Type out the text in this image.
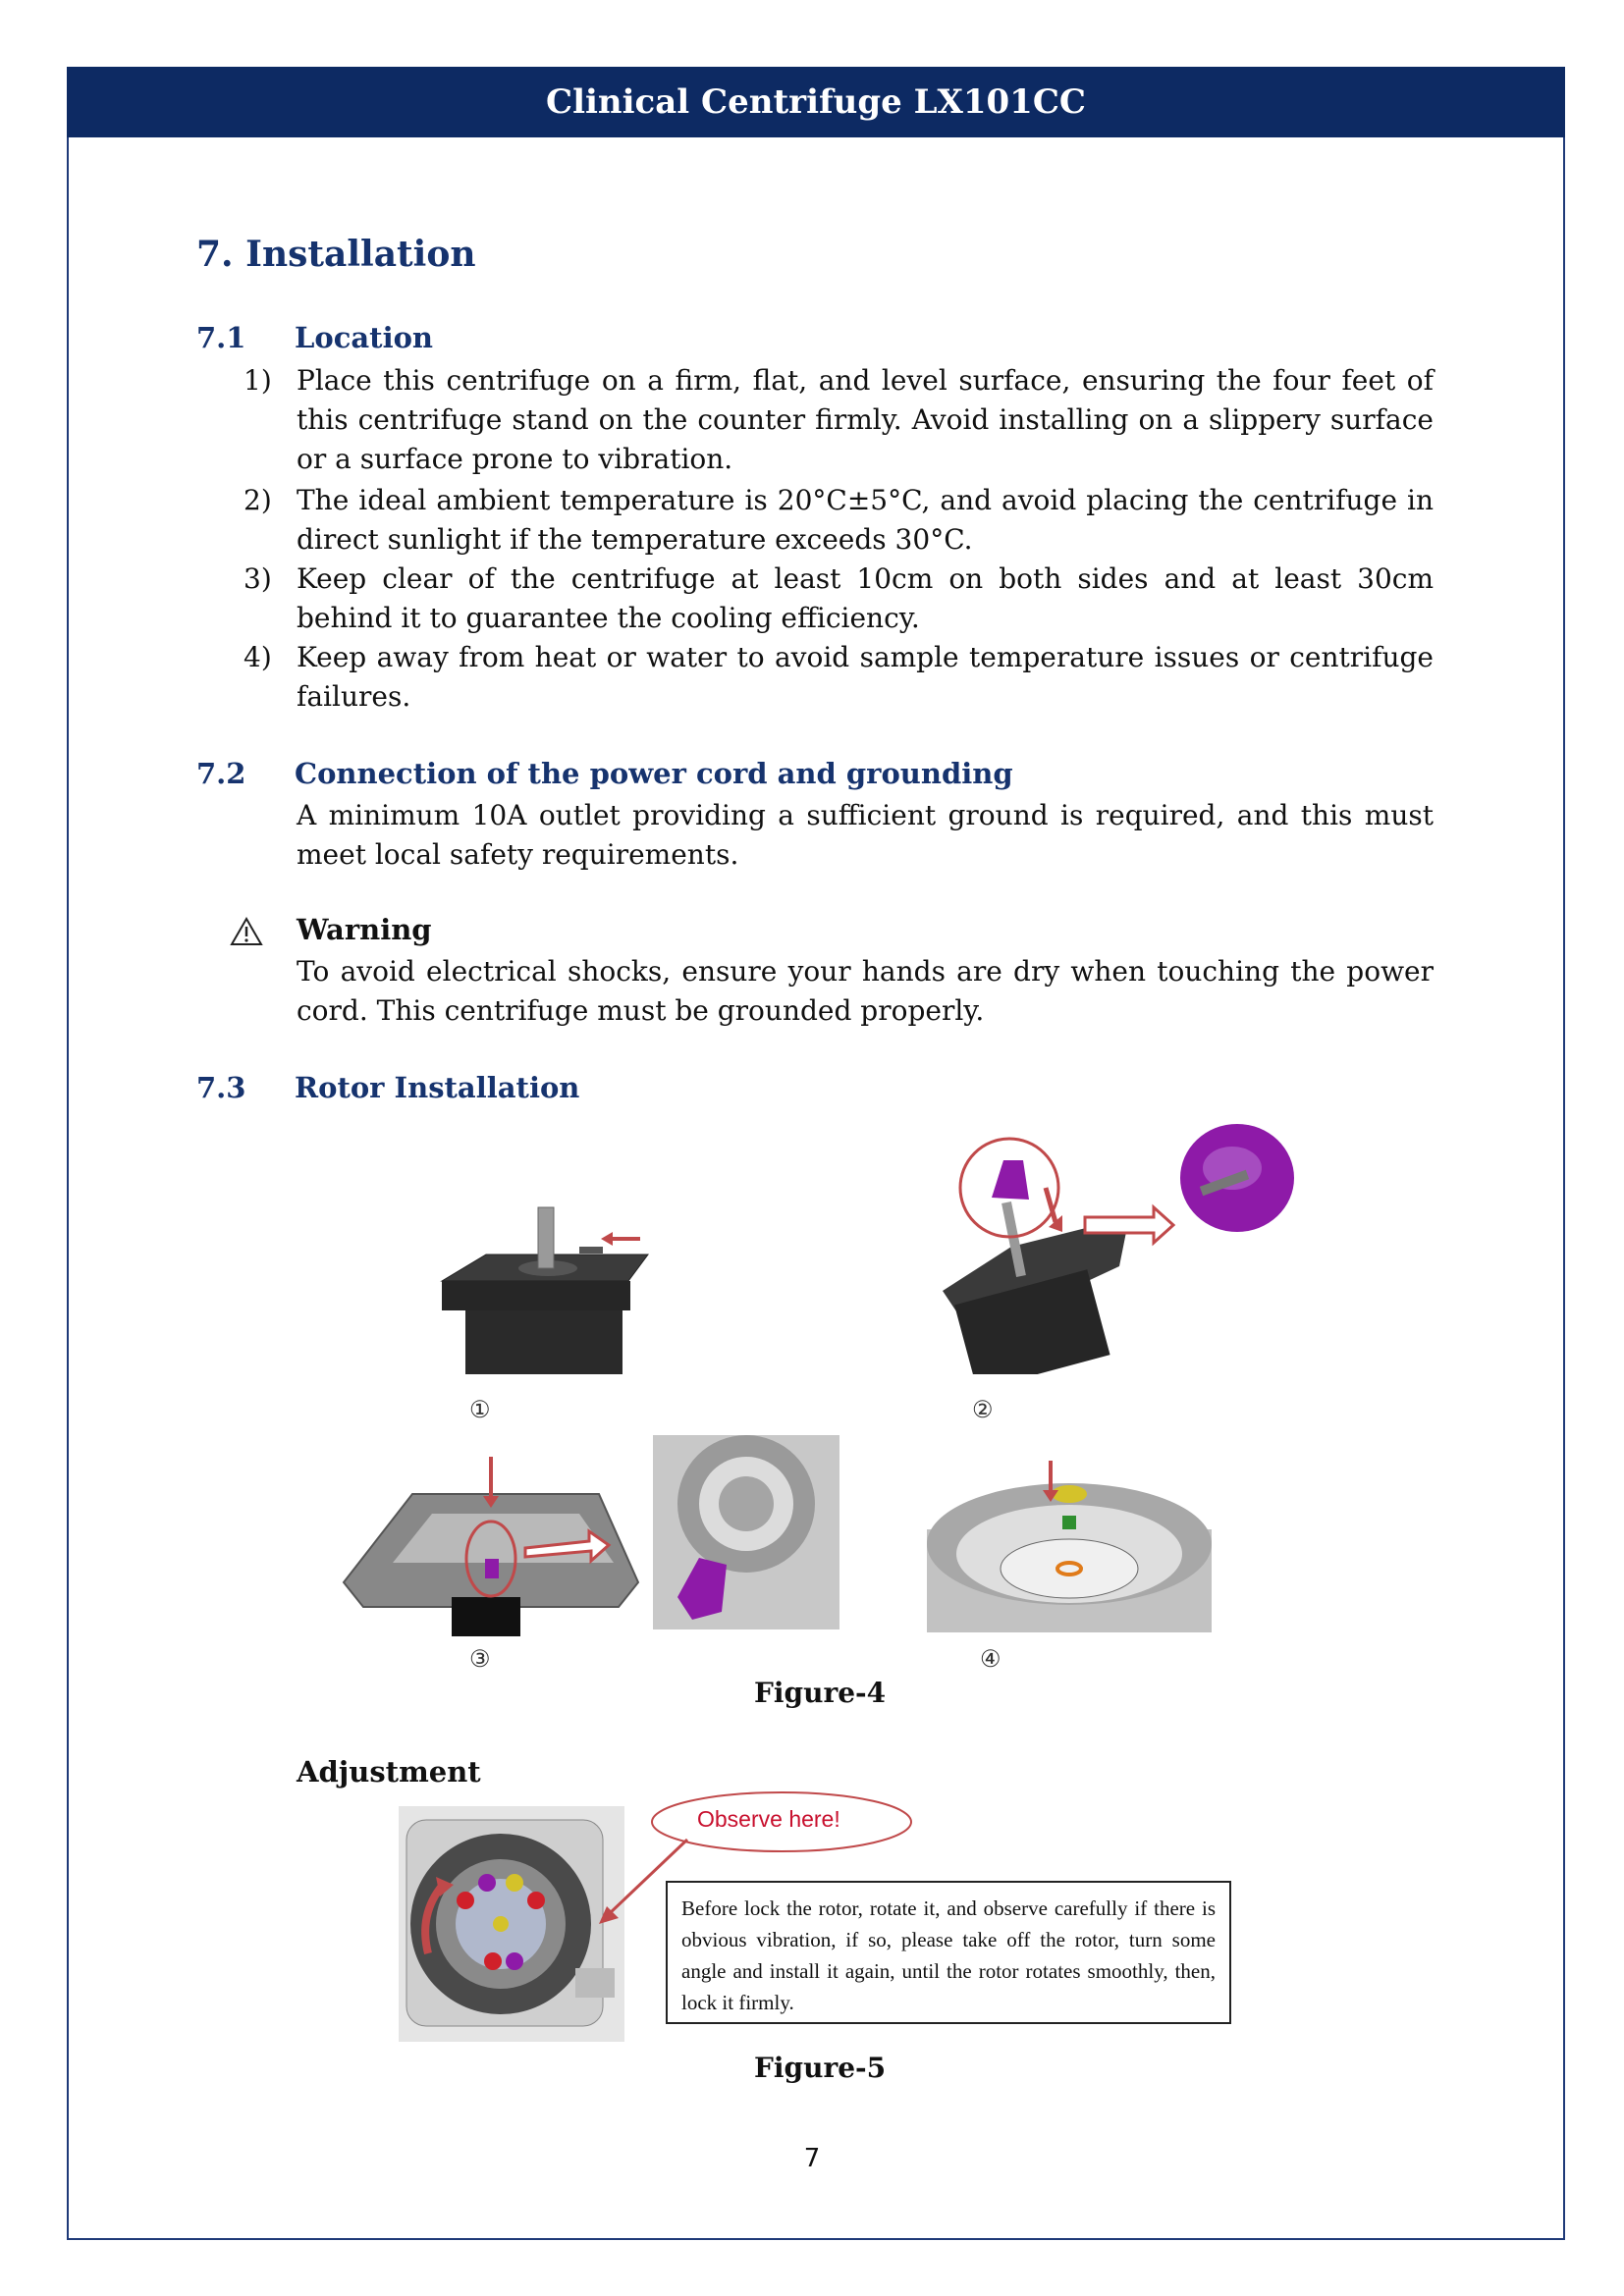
Clinical Centrifuge LX101CC
7. Installation
7.1 Location
1) Place this centrifuge on a firm, flat, and level surface, ensuring the four feet of this centrifuge stand on the counter firmly. Avoid installing on a slippery surface or a surface prone to vibration.
2) The ideal ambient temperature is 20°C±5°C, and avoid placing the centrifuge in direct sunlight if the temperature exceeds 30°C.
3) Keep clear of the centrifuge at least 10cm on both sides and at least 30cm behind it to guarantee the cooling efficiency.
4) Keep away from heat or water to avoid sample temperature issues or centrifuge failures.
7.2 Connection of the power cord and grounding
A minimum 10A outlet providing a sufficient ground is required, and this must meet local safety requirements.
Warning
To avoid electrical shocks, ensure your hands are dry when touching the power cord. This centrifuge must be grounded properly.
7.3 Rotor Installation
①	②
③	④
Figure-4
Adjustment
Observe here!
Before lock the rotor, rotate it, and observe carefully if there is obvious vibration, if so, please take off the rotor, turn some angle and install it again, until the rotor rotates smoothly, then, lock it firmly.
Figure-5
7
